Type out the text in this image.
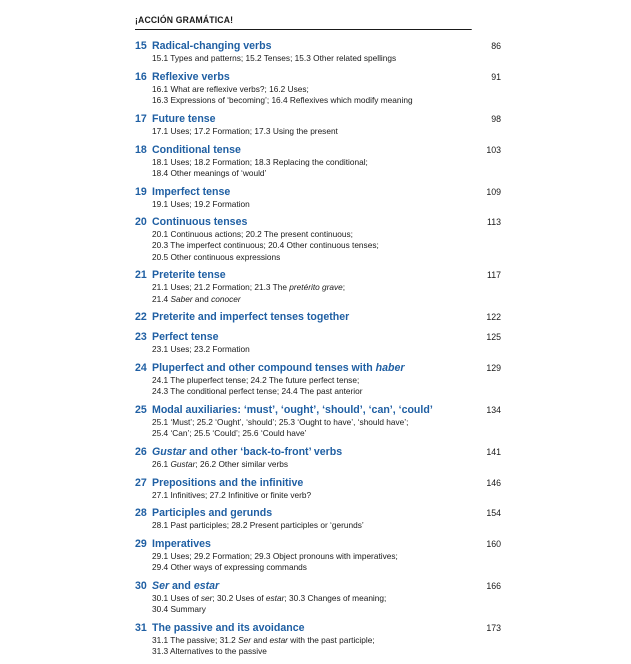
¡ACCIÓN GRAMÁTICA!
15 Radical-changing verbs	86
15.1 Types and patterns; 15.2 Tenses; 15.3 Other related spellings
16 Reflexive verbs	91
16.1 What are reflexive verbs?; 16.2 Uses;
16.3 Expressions of ‘becoming’; 16.4 Reflexives which modify meaning
17 Future tense	98
17.1 Uses; 17.2 Formation; 17.3 Using the present
18 Conditional tense	103
18.1 Uses; 18.2 Formation; 18.3 Replacing the conditional;
18.4 Other meanings of ‘would’
19 Imperfect tense	109
19.1 Uses; 19.2 Formation
20 Continuous tenses	113
20.1 Continuous actions; 20.2 The present continuous;
20.3 The imperfect continuous; 20.4 Other continuous tenses;
20.5 Other continuous expressions
21 Preterite tense	117
21.1 Uses; 21.2 Formation; 21.3 The pretérito grave;
21.4 Saber and conocer
22 Preterite and imperfect tenses together	122
23 Perfect tense	125
23.1 Uses; 23.2 Formation
24 Pluperfect and other compound tenses with haber	129
24.1 The pluperfect tense; 24.2 The future perfect tense;
24.3 The conditional perfect tense; 24.4 The past anterior
25 Modal auxiliaries: ‘must’, ‘ought’, ‘should’, ‘can’, ‘could’	134
25.1 ‘Must’; 25.2 ‘Ought’, ‘should’; 25.3 ‘Ought to have’, ‘should have’;
25.4 ‘Can’; 25.5 ‘Could’; 25.6 ‘Could have’
26 Gustar and other ‘back-to-front’ verbs	141
26.1 Gustar; 26.2 Other similar verbs
27 Prepositions and the infinitive	146
27.1 Infinitives; 27.2 Infinitive or finite verb?
28 Participles and gerunds	154
28.1 Past participles; 28.2 Present participles or ‘gerunds’
29 Imperatives	160
29.1 Uses; 29.2 Formation; 29.3 Object pronouns with imperatives;
29.4 Other ways of expressing commands
30 Ser and estar	166
30.1 Uses of ser; 30.2 Uses of estar; 30.3 Changes of meaning;
30.4 Summary
31 The passive and its avoidance	173
31.1 The passive; 31.2 Ser and estar with the past participle;
31.3 Alternatives to the passive
